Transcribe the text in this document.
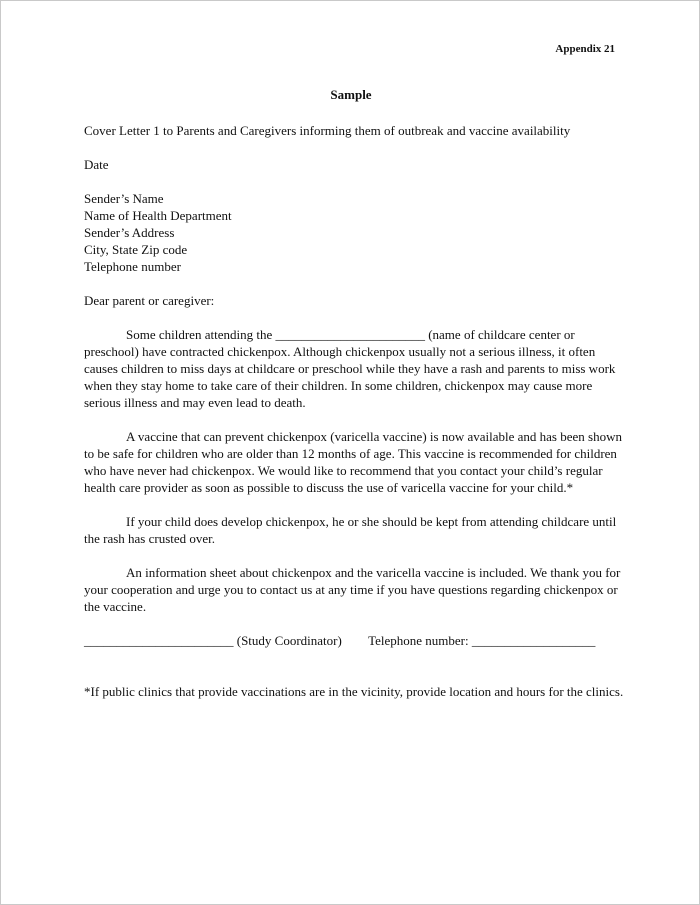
Appendix 21
Sample
Cover Letter 1 to Parents and Caregivers informing them of outbreak and vaccine availability
Date
Sender’s Name
Name of Health Department
Sender’s Address
City, State Zip code
Telephone number
Dear parent or caregiver:
Some children attending the _______________________ (name of childcare center or
preschool) have contracted chickenpox. Although chickenpox usually not a serious illness, it often
causes children to miss days at childcare or preschool while they have a rash and parents to miss work
when they stay home to take care of their children. In some children, chickenpox may cause more
serious illness and may even lead to death.
A vaccine that can prevent chickenpox (varicella vaccine) is now available and has been shown
to be safe for children who are older than 12 months of age. This vaccine is recommended for children
who have never had chickenpox. We would like to recommend that you contact your child’s regular
health care provider as soon as possible to discuss the use of varicella vaccine for your child.*
If your child does develop chickenpox, he or she should be kept from attending childcare until
the rash has crusted over.
An information sheet about chickenpox and the varicella vaccine is included. We thank you for
your cooperation and urge you to contact us at any time if you have questions regarding chickenpox or
the vaccine.
_______________________ (Study Coordinator) Telephone number: ___________________
*If public clinics that provide vaccinations are in the vicinity, provide location and hours for the clinics.
